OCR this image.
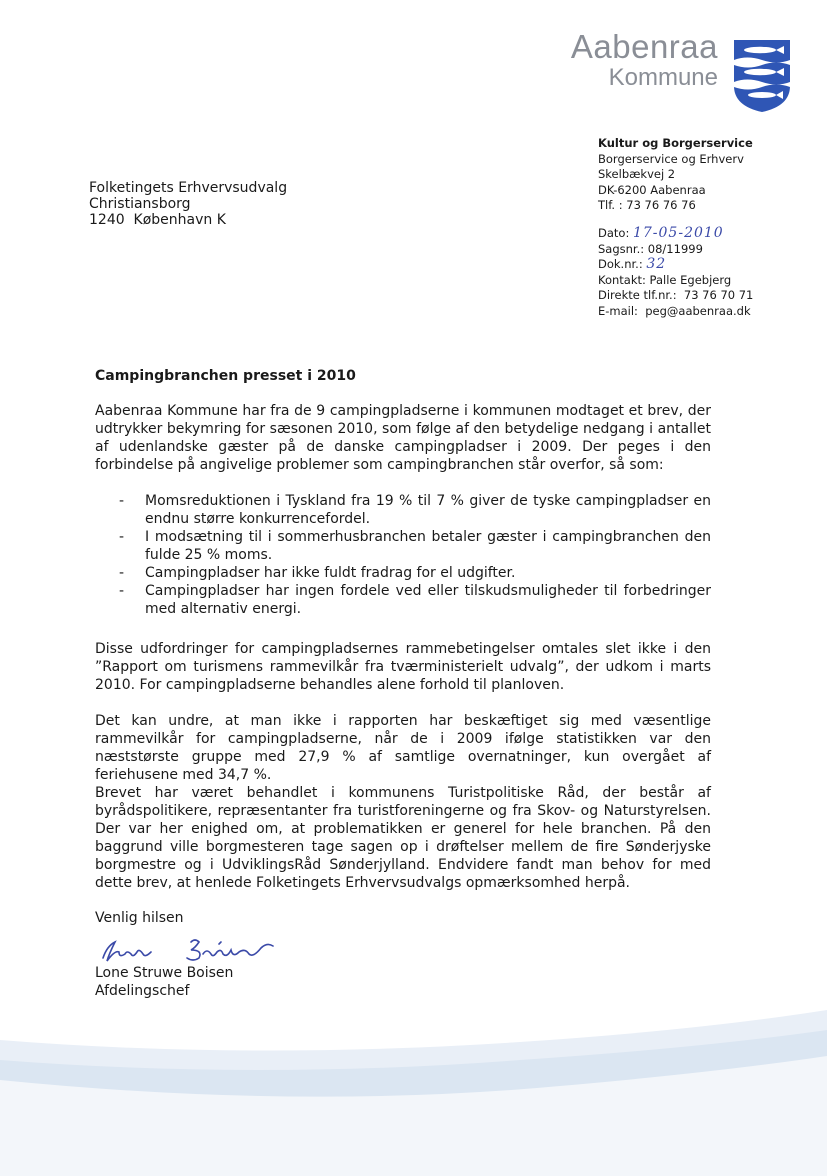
Aabenraa
Kommune
Kultur og Borgerservice
Borgerservice og Erhverv
Skelbækvej 2
DK-6200 Aabenraa
Tlf. : 73 76 76 76
Folketingets Erhvervsudvalg
Christiansborg
1240  København K
Dato: 17-05-2010
Sagsnr.: 08/11999
Dok.nr.: 32
Kontakt: Palle Egebjerg
Direkte tlf.nr.:  73 76 70 71
E-mail:  peg@aabenraa.dk
Campingbranchen presset i 2010
Aabenraa Kommune har fra de 9 campingpladserne i kommunen modtaget et brev, der udtrykker bekymring for sæsonen 2010, som følge af den betydelige nedgang i antallet af udenlandske gæster på de danske campingpladser i 2009. Der peges i den forbindelse på angivelige problemer som campingbranchen står overfor, så som:
-	Momsreduktionen i Tyskland fra 19 % til 7 % giver de tyske campingpladser en endnu større konkurrencefordel.
-	I modsætning til i sommerhusbranchen betaler gæster i campingbranchen den fulde 25 % moms.
-	Campingpladser har ikke fuldt fradrag for el udgifter.
-	Campingpladser har ingen fordele ved eller tilskudsmuligheder til forbedringer med alternativ energi.
Disse udfordringer for campingpladsernes rammebetingelser omtales slet ikke i den ”Rapport om turismens rammevilkår fra tværministerielt udvalg”, der udkom i marts 2010. For campingpladserne behandles alene forhold til planloven.
Det kan undre, at man ikke i rapporten har beskæftiget sig med væsentlige rammevilkår for campingpladserne, når de i 2009 ifølge statistikken var den næststørste gruppe med 27,9 % af samtlige overnatninger, kun overgået af feriehusene med 34,7 %.
Brevet har været behandlet i kommunens Turistpolitiske Råd, der består af byrådspolitikere, repræsentanter fra turistforeningerne og fra Skov- og Naturstyrelsen. Der var her enighed om, at problematikken er generel for hele branchen. På den baggrund ville borgmesteren tage sagen op i drøftelser mellem de fire Sønderjyske borgmestre og i UdviklingsRåd Sønderjylland. Endvidere fandt man behov for med dette brev, at henlede Folketingets Erhvervsudvalgs opmærksomhed herpå.
Venlig hilsen
Lone Struwe Boisen
Afdelingschef
